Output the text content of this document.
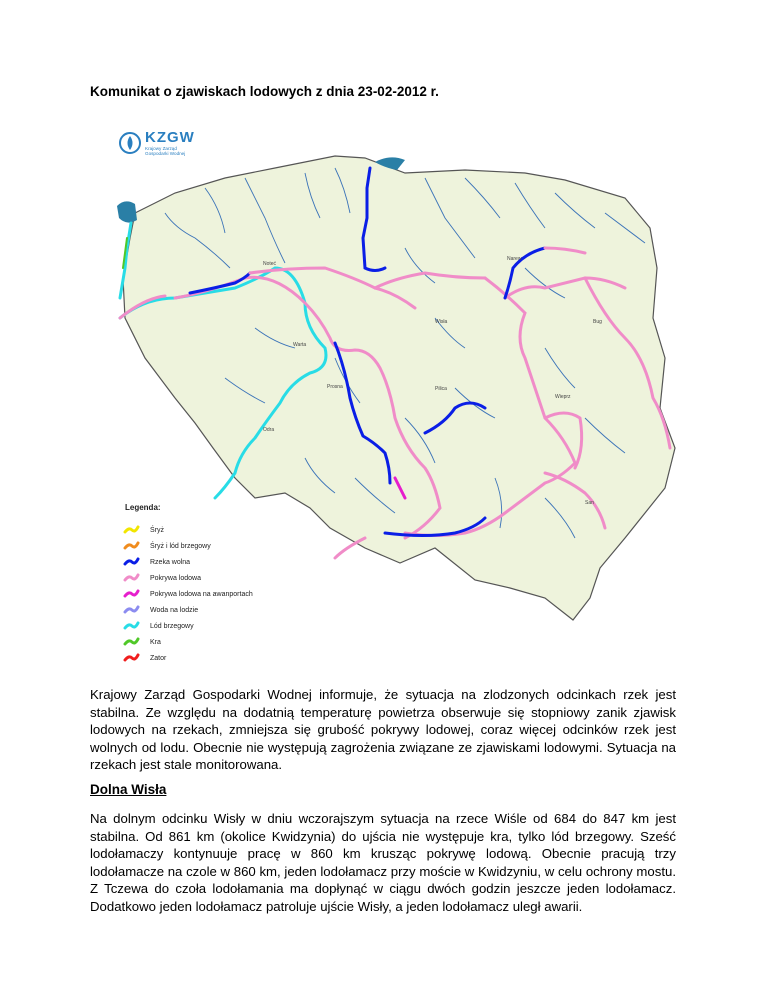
Komunikat o zjawiskach lodowych z dnia 23-02-2012 r.
Noteć
Narew
Wisła	Bug
Warta
Prosna	Pilica
Wieprz
Odra
San
KZGW
Krajowy Zarząd
Gospodarki Wodnej
Legenda:
Śryż
Śryż i lód brzegowy
Rzeka wolna
Pokrywa lodowa
Pokrywa lodowa na awanportach
Woda na lodzie
Lód brzegowy
Kra
Zator

Krajowy Zarząd Gospodarki Wodnej informuje, że sytuacja na zlodzonych odcinkach rzek jest stabilna. Ze względu na dodatnią temperaturę powietrza obserwuje się stopniowy zanik zjawisk lodowych na rzekach, zmniejsza się grubość pokrywy lodowej, coraz więcej odcinków rzek jest wolnych od lodu. Obecnie nie występują zagrożenia związane ze zjawiskami lodowymi. Sytuacja na rzekach jest stale monitorowana.

Dolna Wisła

Na dolnym odcinku Wisły w dniu wczorajszym sytuacja na rzece Wiśle od 684 do 847 km jest stabilna. Od 861 km (okolice Kwidzynia) do ujścia nie występuje kra, tylko lód brzegowy. Sześć lodołamaczy kontynuuje pracę w 860 km krusząc pokrywę lodową. Obecnie pracują trzy lodołamacze na czole w 860 km, jeden lodołamacz przy moście w Kwidzyniu, w celu ochrony mostu. Z Tczewa do czoła lodołamania ma dopłynąć w ciągu dwóch godzin jeszcze jeden lodołamacz. Dodatkowo jeden lodołamacz patroluje ujście Wisły, a jeden lodołamacz uległ awarii.
